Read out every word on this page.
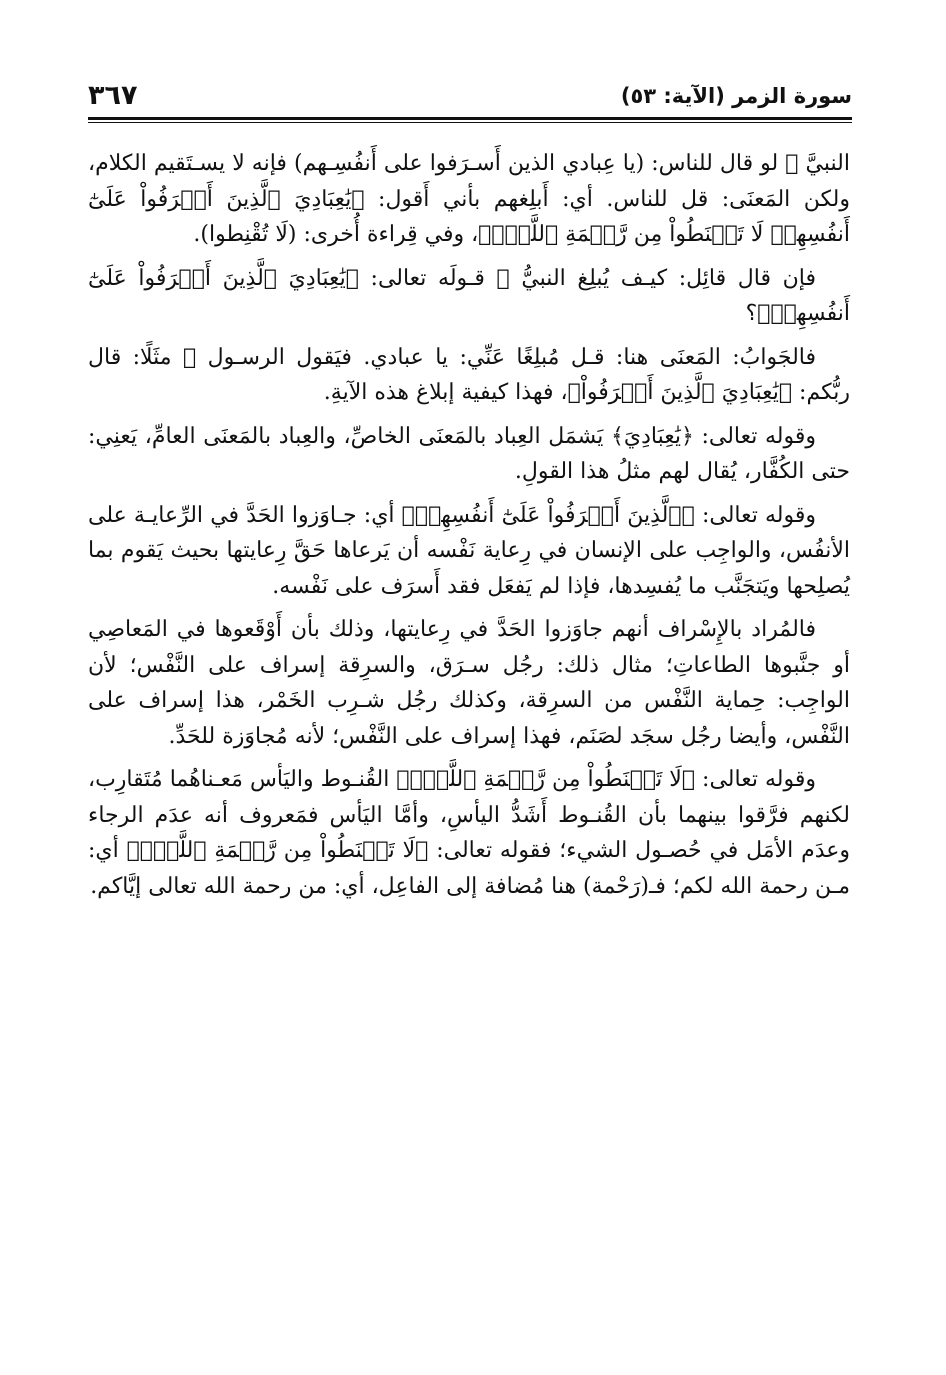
سورة الزمر (الآية: ٥٣)
٣٦٧

النبيَّ ﷺ لو قال للناس: (يا عِبادي الذين أَسـرَفوا على أَنفُسِـهم) فإنه لا يسـتَقيم الكلام، ولكن المَعنَى: قل للناس. أي: أَبلِغهم بأني أَقول: ﴿يَٰعِبَادِيَ ٱلَّذِينَ أَسۡرَفُواْ عَلَىٰٓ أَنفُسِهِمۡ لَا تَقۡنَطُواْ مِن رَّحۡمَةِ ٱللَّهِۚ﴾، وفي قِراءة أُخرى: (لَا تُقْنِطوا).

فإن قال قائِل: كيـف يُبلِغ النبيُّ ﷺ قـولَه تعالى: ﴿يَٰعِبَادِيَ ٱلَّذِينَ أَسۡرَفُواْ عَلَىٰٓ أَنفُسِهِمۡ﴾؟

فالجَوابُ: المَعنَى هنا: قـل مُبلِغًا عَنِّي: يا عبادي. فيَقول الرسـول ﷺ مثَلًا: قال ربُّكم: ﴿يَٰعِبَادِيَ ٱلَّذِينَ أَسۡرَفُواْ﴾، فهذا كيفية إبلاغ هذه الآيةِ.

وقوله تعالى: ﴿يَٰعِبَادِيَ﴾ يَشمَل العِباد بالمَعنَى الخاصِّ، والعِباد بالمَعنَى العامِّ، يَعنِي: حتى الكُفَّار، يُقال لهم مثلُ هذا القولِ.

وقوله تعالى: ﴿ٱلَّذِينَ أَسۡرَفُواْ عَلَىٰٓ أَنفُسِهِمۡ﴾ أي: جـاوَزوا الحَدَّ في الرِّعايـة على الأنفُس، والواجِب على الإنسان في رِعاية نَفْسه أن يَرعاها حَقَّ رِعايتها بحيث يَقوم بما يُصلِحها ويَتجَنَّب ما يُفسِدها، فإذا لم يَفعَل فقد أَسرَف على نَفْسه.

فالمُراد بالإِسْراف أنهم جاوَزوا الحَدَّ في رِعايتها، وذلك بأن أَوْقَعوها في المَعاصِي أو جنَّبوها الطاعاتِ؛ مثال ذلك: رجُل سـرَق، والسرِقة إسراف على النَّفْس؛ لأن الواجِب: حِماية النَّفْس من السرِقة، وكذلك رجُل شـرِب الخَمْر، هذا إسراف على النَّفْس، وأيضا رجُل سجَد لصَنَم، فهذا إسراف على النَّفْس؛ لأنه مُجاوَزة للحَدِّ.

وقوله تعالى: ﴿لَا تَقۡنَطُواْ مِن رَّحۡمَةِ ٱللَّهِۚ﴾ القُنـوط واليَأس مَعـناهُما مُتَقارِب، لكنهم فرَّقوا بينهما بأن القُنـوط أَشَدُّ اليأسِ، وأمَّا اليَأس فمَعروف أنه عدَم الرجاء وعدَم الأمَل في حُصـول الشيء؛ فقوله تعالى: ﴿لَا تَقۡنَطُواْ مِن رَّحۡمَةِ ٱللَّهِۚ﴾ أي: مـن رحمة الله لكم؛ فـ(رَحْمة) هنا مُضافة إلى الفاعِل، أي: من رحمة الله تعالى إيَّاكم.
